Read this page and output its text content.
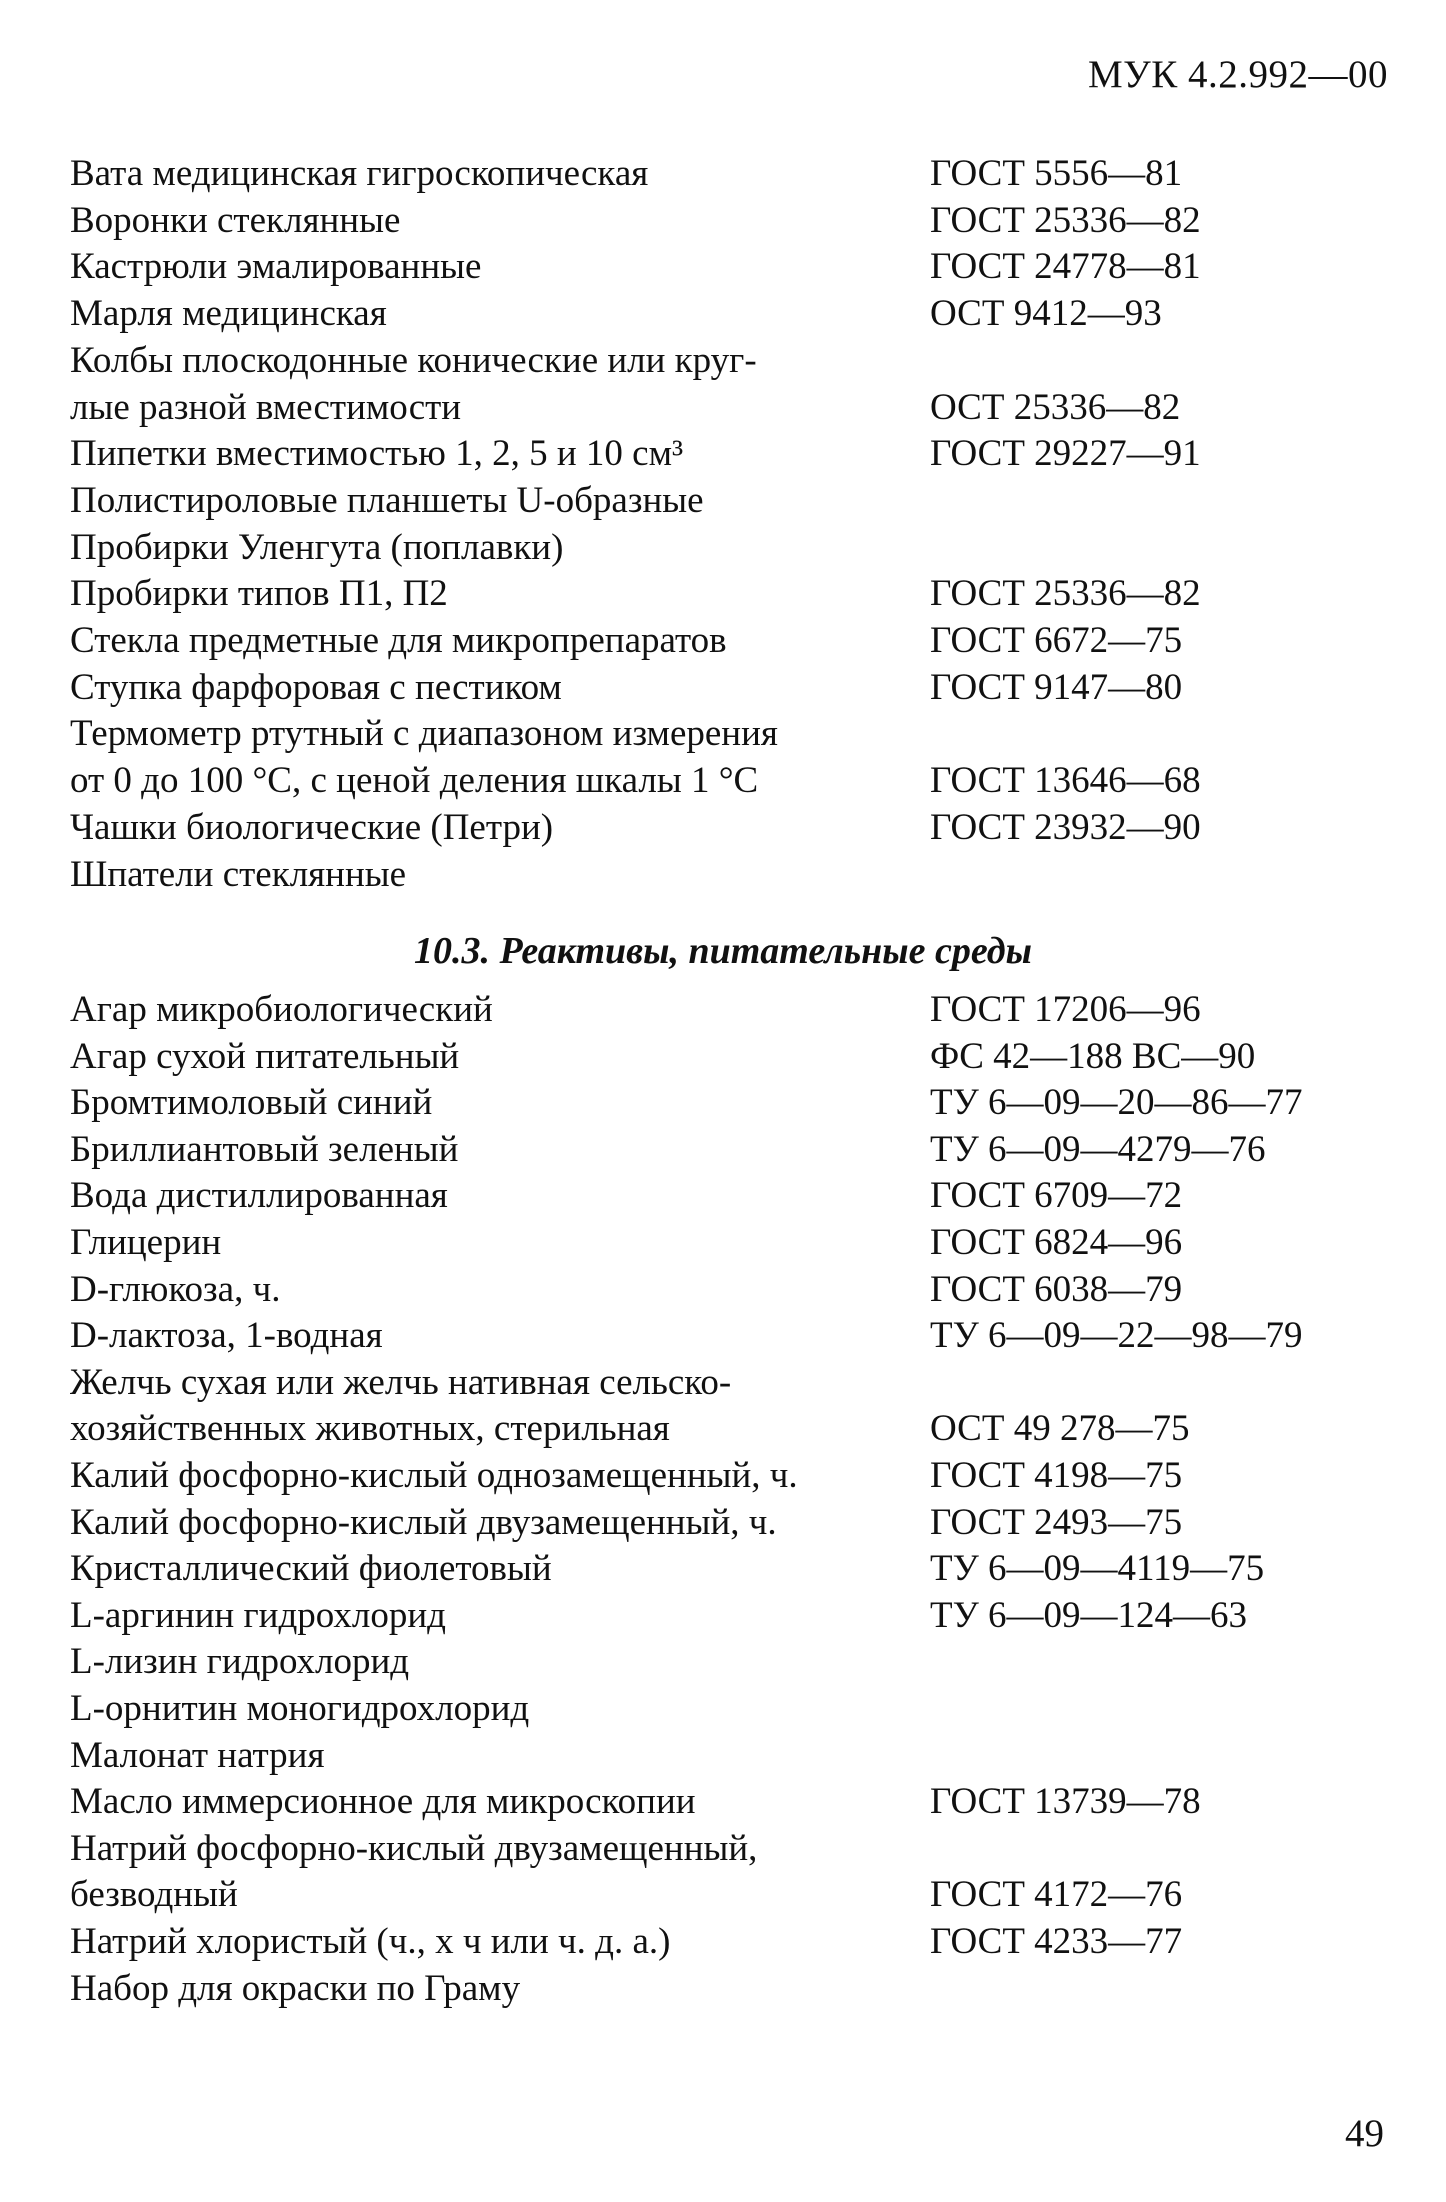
МУК 4.2.992—00
Вата медицинская гигроскопическая	ГОСТ 5556—81
Воронки стеклянные	ГОСТ 25336—82
Кастрюли эмалированные	ГОСТ 24778—81
Марля медицинская	ОСТ 9412—93
Колбы плоскодонные конические или круг-
лые разной вместимости	ОСТ 25336—82
Пипетки вместимостью 1, 2, 5 и 10 см³	ГОСТ 29227—91
Полистироловые планшеты U-образные
Пробирки Уленгута (поплавки)
Пробирки типов П1, П2	ГОСТ 25336—82
Стекла предметные для микропрепаратов	ГОСТ 6672—75
Ступка фарфоровая с пестиком	ГОСТ 9147—80
Термометр ртутный с диапазоном измерения
от 0 до 100 °С, с ценой деления шкалы 1 °С	ГОСТ 13646—68
Чашки биологические (Петри)	ГОСТ 23932—90
Шпатели стеклянные
10.3. Реактивы, питательные среды
Агар микробиологический	ГОСТ 17206—96
Агар сухой питательный	ФС 42—188 ВС—90
Бромтимоловый синий	ТУ 6—09—20—86—77
Бриллиантовый зеленый	ТУ 6—09—4279—76
Вода дистиллированная	ГОСТ 6709—72
Глицерин	ГОСТ 6824—96
D-глюкоза, ч.	ГОСТ 6038—79
D-лактоза, 1-водная	ТУ 6—09—22—98—79
Желчь сухая или желчь нативная сельско-
хозяйственных животных, стерильная	ОСТ 49 278—75
Калий фосфорно-кислый однозамещенный, ч.	ГОСТ 4198—75
Калий фосфорно-кислый двузамещенный, ч.	ГОСТ 2493—75
Кристаллический фиолетовый	ТУ 6—09—4119—75
L-аргинин гидрохлорид	ТУ 6—09—124—63
L-лизин гидрохлорид
L-орнитин моногидрохлорид
Малонат натрия
Масло иммерсионное для микроскопии	ГОСТ 13739—78
Натрий фосфорно-кислый двузамещенный,
безводный	ГОСТ 4172—76
Натрий хлористый (ч., х ч или ч. д. а.)	ГОСТ 4233—77
Набор для окраски по Граму
49
